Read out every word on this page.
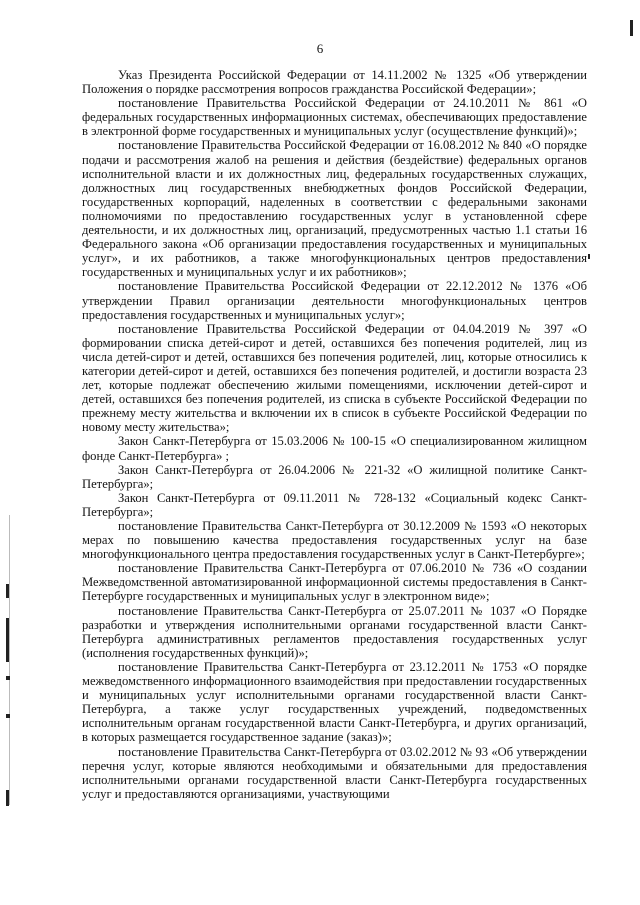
6

Указ Президента Российской Федерации от 14.11.2002 № 1325 «Об утверждении Положения о порядке рассмотрения вопросов гражданства Российской Федерации»;

постановление Правительства Российской Федерации от 24.10.2011 № 861 «О федеральных государственных информационных системах, обеспечивающих предоставление в электронной форме государственных и муниципальных услуг (осуществление функций)»;

постановление Правительства Российской Федерации от 16.08.2012 № 840 «О порядке подачи и рассмотрения жалоб на решения и действия (бездействие) федеральных органов исполнительной власти и их должностных лиц, федеральных государственных служащих, должностных лиц государственных внебюджетных фондов Российской Федерации, государственных корпораций, наделенных в соответствии с федеральными законами полномочиями по предоставлению государственных услуг в установленной сфере деятельности, и их должностных лиц, организаций, предусмотренных частью 1.1 статьи 16 Федерального закона «Об организации предоставления государственных и муниципальных услуг», и их работников, а также многофункциональных центров предоставления государственных и муниципальных услуг и их работников»;

постановление Правительства Российской Федерации от 22.12.2012 № 1376 «Об утверждении Правил организации деятельности многофункциональных центров предоставления государственных и муниципальных услуг»;

постановление Правительства Российской Федерации от 04.04.2019 № 397 «О формировании списка детей-сирот и детей, оставшихся без попечения родителей, лиц из числа детей-сирот и детей, оставшихся без попечения родителей, лиц, которые относились к категории детей-сирот и детей, оставшихся без попечения родителей, и достигли возраста 23 лет, которые подлежат обеспечению жилыми помещениями, исключении детей-сирот и детей, оставшихся без попечения родителей, из списка в субъекте Российской Федерации по прежнему месту жительства и включении их в список в субъекте Российской Федерации по новому месту жительства»;

Закон Санкт-Петербурга от 15.03.2006 № 100-15 «О специализированном жилищном фонде Санкт-Петербурга» ;

Закон Санкт-Петербурга от 26.04.2006 № 221-32 «О жилищной политике Санкт-Петербурга»;

Закон Санкт-Петербурга от 09.11.2011 № 728-132 «Социальный кодекс Санкт-Петербурга»;

постановление Правительства Санкт-Петербурга от 30.12.2009 № 1593 «О некоторых мерах по повышению качества предоставления государственных услуг на базе многофункционального центра предоставления государственных услуг в Санкт-Петербурге»;

постановление Правительства Санкт-Петербурга от 07.06.2010 № 736 «О создании Межведомственной автоматизированной информационной системы предоставления в Санкт-Петербурге государственных и муниципальных услуг в электронном виде»;

постановление Правительства Санкт-Петербурга от 25.07.2011 № 1037 «О Порядке разработки и утверждения исполнительными органами государственной власти Санкт-Петербурга административных регламентов предоставления государственных услуг (исполнения государственных функций)»;

постановление Правительства Санкт-Петербурга от 23.12.2011 № 1753 «О порядке межведомственного информационного взаимодействия при предоставлении государственных и муниципальных услуг исполнительными органами государственной власти Санкт-Петербурга, а также услуг государственных учреждений, подведомственных исполнительным органам государственной власти Санкт-Петербурга, и других организаций, в которых размещается государственное задание (заказ)»;

постановление Правительства Санкт-Петербурга от 03.02.2012 № 93 «Об утверждении перечня услуг, которые являются необходимыми и обязательными для предоставления исполнительными органами государственной власти Санкт-Петербурга государственных услуг и предоставляются организациями, участвующими
